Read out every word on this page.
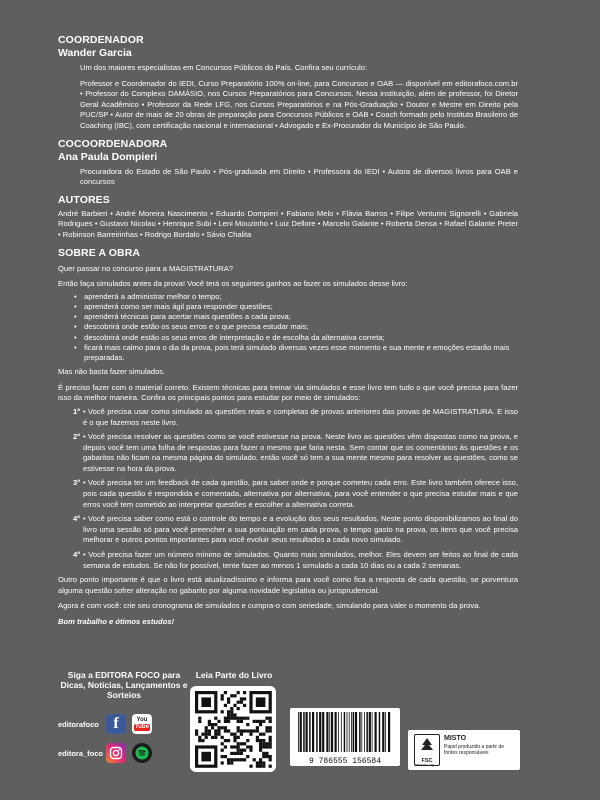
COORDENADOR
Wander Garcia

Um dos maiores especialistas em Concursos Públicos do País. Confira seu currículo:

Professor e Coordenador do IEDI, Curso Preparatório 100% on-line, para Concursos e OAB — disponível em editorafoco.com.br • Professor do Complexo DAMÁSIO, nos Cursos Preparatórios para Concursos. Nessa instituição, além de professor, foi Diretor Geral Acadêmico • Professor da Rede LFG, nos Cursos Preparatórios e na Pós-Graduação • Doutor e Mestre em Direito pela PUC/SP • Autor de mais de 20 obras de preparação para Concursos Públicos e OAB • Coach formado pelo Instituto Brasileiro de Coaching (IBC), com certificação nacional e internacional • Advogado e Ex-Procurador do Município de São Paulo.

COCOORDENADORA
Ana Paula Dompieri

Procuradora do Estado de São Paulo • Pós-graduada em Direito • Professora do IEDI • Autora de diversos livros para OAB e concursos

AUTORES

André Barbieri • André Moreira Nascimento • Eduardo Dompieri • Fabiano Melo • Flávia Barros • Filipe Venturini Signorelli • Gabriela Rodrigues • Gustavo Nicolau • Henrique Subi • Leni Mouzinho • Luiz Dellore • Marcelo Galante • Roberta Densa • Rafael Galante Preter • Robinson Barreirinhas • Rodrigo Bordalo • Sávio Chalita

SOBRE A OBRA

Quer passar no concurso para a MAGISTRATURA?

Então faça simulados antes da prova! Você terá os seguintes ganhos ao fazer os simulados desse livro:

• aprenderá a administrar melhor o tempo;
• aprenderá como ser mais ágil para responder questões;
• aprenderá técnicas para acertar mais questões a cada prova;
• descobrirá onde estão os seus erros e o que precisa estudar mais;
• descobrirá onde estão os seus erros de interpretação e de escolha da alternativa correta;
• ficará mais calmo para o dia da prova, pois terá simulado diversas vezes esse momento e sua mente e emoções estarão mais preparadas.

Mas não basta fazer simulados.

É preciso fazer com o material correto. Existem técnicas para treinar via simulados e esse livro tem tudo o que você precisa para fazer isso da melhor maneira. Confira os principais pontos para estudar por meio de simulados:

1º • Você precisa usar como simulado as questões reais e completas de provas anteriores das provas de MAGISTRATURA. E isso é o que fazemos neste livro.
2º • Você precisa resolver as questões como se você estivesse na prova. Neste livro as questões vêm dispostas como na prova, e depois você tem uma folha de respostas para fazer o mesmo que faria nesta. Sem contar que os comentários às questões e os gabaritos não ficam na mesma página do simulado, então você só tem a sua mente mesmo para resolver as questões, como se estivesse na hora da prova.
3º • Você precisa ter um feedback de cada questão, para saber onde e porque cometeu cada erro. Este livro também oferece isso, pois cada questão é respondida e comentada, alternativa por alternativa, para você entender o que precisa estudar mais e que erros você tem cometido ao interpretar questões e escolher a alternativa correta.
4º • Você precisa saber como está o controle do tempo e a evolução dos seus resultados. Neste ponto disponibilizamos ao final do livro uma sessão só para você preencher a sua pontuação em cada prova, o tempo gasto na prova, os itens que você precisa melhorar e outros pontos importantes para você evoluir seus resultados a cada novo simulado.
4º • Você precisa fazer um número mínimo de simulados. Quanto mais simulados, melhor. Eles devem ser feitos ao final de cada semana de estudos. Se não for possível, tente fazer ao menos 1 simulado a cada 10 dias ou a cada 2 semanas.

Outro ponto importante é que o livro está atualizadíssimo e informa para você como fica a resposta de cada questão, se porventura alguma questão sofrer alteração no gabarito por alguma novidade legislativa ou jurisprudencial.

Agora é com você: crie seu cronograma de simulados e cumpra-o com seriedade, simulando para valer o momento da prova.

Bom trabalho e ótimos estudos!

Siga a EDITORA FOCO para Dicas, Notícias, Lançamentos e Sorteios
editorafoco f	You
Tube
editora_foco
Leia Parte do Livro
9 786555 156584	FSC
MISTO
Papel produzido a partir de fontes responsáveis
www.fsc.org
